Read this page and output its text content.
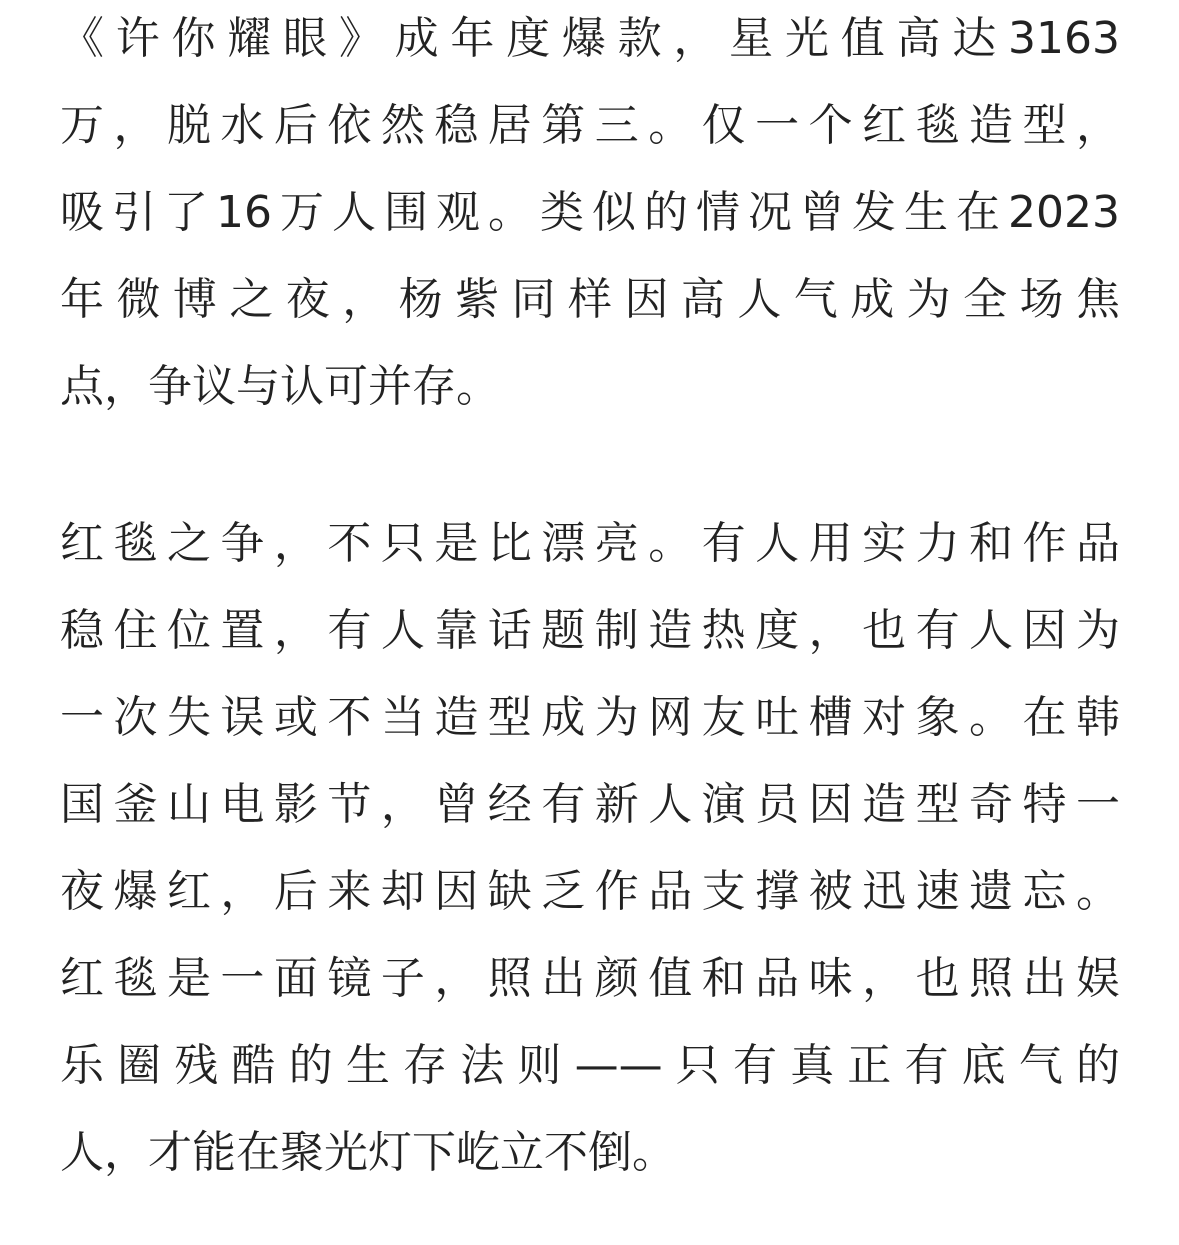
《许你耀眼》成年度爆款，星光值高达3163
万，脱水后依然稳居第三。仅一个红毯造型，
吸引了16万人围观。类似的情况曾发生在2023
年微博之夜，杨紫同样因高人气成为全场焦
点，争议与认可并存。

红毯之争，不只是比漂亮。有人用实力和作品
稳住位置，有人靠话题制造热度，也有人因为
一次失误或不当造型成为网友吐槽对象。在韩
国釜山电影节，曾经有新人演员因造型奇特一
夜爆红，后来却因缺乏作品支撑被迅速遗忘。
红毯是一面镜子，照出颜值和品味，也照出娱
乐圈残酷的生存法则——只有真正有底气的
人，才能在聚光灯下屹立不倒。
